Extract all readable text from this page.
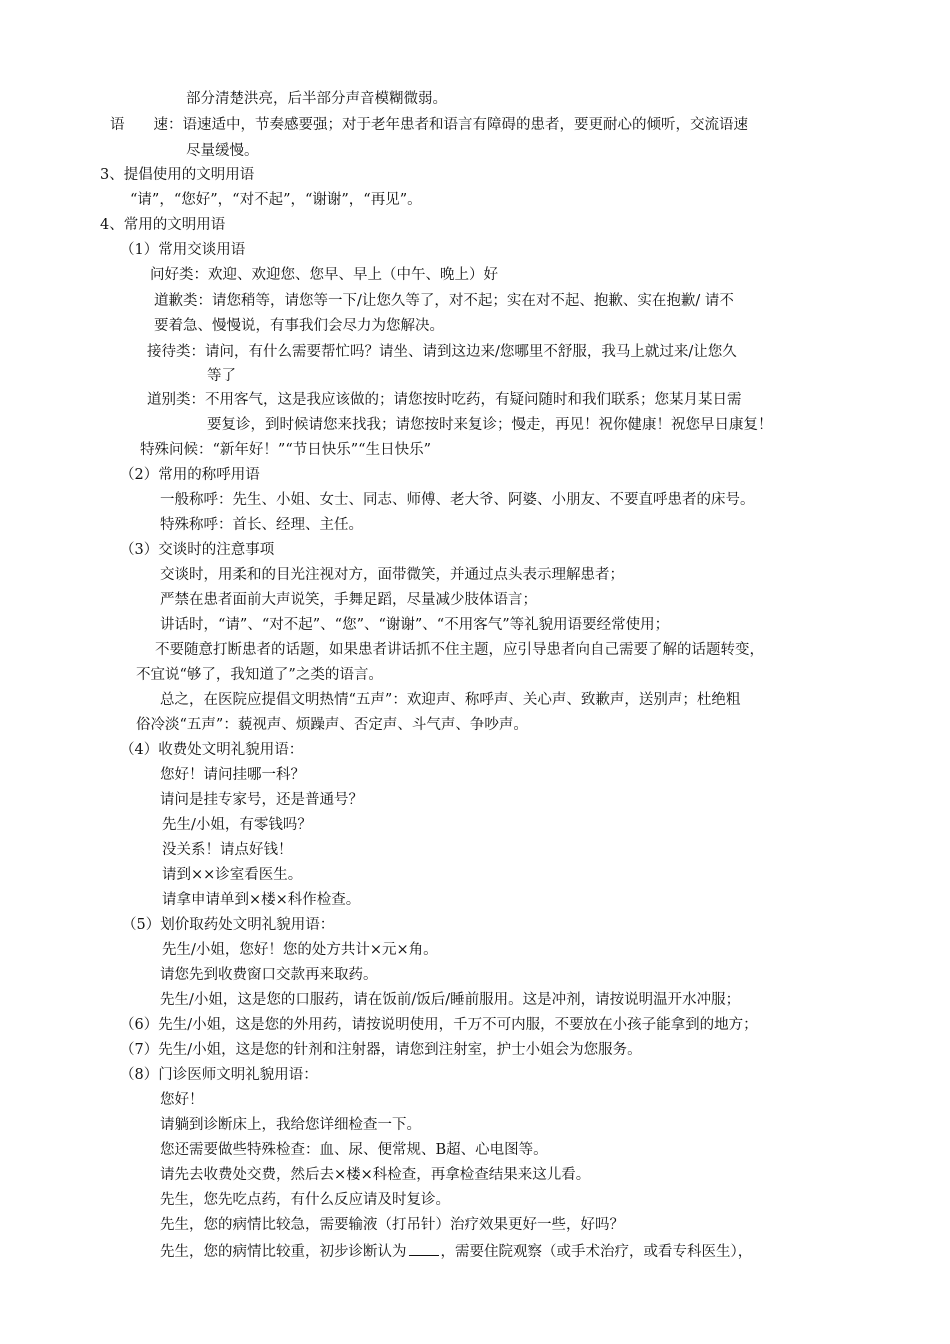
部分清楚洪亮，后半部分声音模糊微弱。
语　　速：语速适中，节奏感要强；对于老年患者和语言有障碍的患者，要更耐心的倾听，交流语速
尽量缓慢。
3、提倡使用的文明用语
“请”，“您好”，“对不起”，“谢谢”，“再见”。
4、常用的文明用语
（1）常用交谈用语
问好类：欢迎、欢迎您、您早、早上（中午、晚上）好
道歉类：请您稍等，请您等一下/让您久等了，对不起；实在对不起、抱歉、实在抱歉/ 请不
要着急、慢慢说，有事我们会尽力为您解决。
接待类：请问，有什么需要帮忙吗？请坐、请到这边来/您哪里不舒服，我马上就过来/让您久
等了
道别类：不用客气，这是我应该做的；请您按时吃药，有疑问随时和我们联系；您某月某日需
要复诊，到时候请您来找我；请您按时来复诊；慢走，再见！祝你健康！祝您早日康复！
特殊问候：“新年好！”“节日快乐”“生日快乐”
（2）常用的称呼用语
一般称呼：先生、小姐、女士、同志、师傅、老大爷、阿婆、小朋友、不要直呼患者的床号。
特殊称呼：首长、经理、主任。
（3）交谈时的注意事项
交谈时，用柔和的目光注视对方，面带微笑，并通过点头表示理解患者；
严禁在患者面前大声说笑，手舞足蹈，尽量减少肢体语言；
讲话时，“请”、“对不起”、“您”、“谢谢”、“不用客气”等礼貌用语要经常使用；
不要随意打断患者的话题，如果患者讲话抓不住主题，应引导患者向自己需要了解的话题转变，
不宜说“够了，我知道了”之类的语言。
总之，在医院应提倡文明热情“五声”：欢迎声、称呼声、关心声、致歉声，送别声；杜绝粗
俗冷淡“五声”：藐视声、烦躁声、否定声、斗气声、争吵声。
（4）收费处文明礼貌用语：
您好！请问挂哪一科？
请问是挂专家号，还是普通号？
先生/小姐，有零钱吗？
没关系！请点好钱！
请到××诊室看医生。
请拿申请单到×楼×科作检查。
（5）划价取药处文明礼貌用语：
先生/小姐，您好！您的处方共计×元×角。
请您先到收费窗口交款再来取药。
先生/小姐，这是您的口服药，请在饭前/饭后/睡前服用。这是冲剂，请按说明温开水冲服；
（6）先生/小姐，这是您的外用药，请按说明使用，千万不可内服，不要放在小孩子能拿到的地方；
（7）先生/小姐，这是您的针剂和注射器，请您到注射室，护士小姐会为您服务。
（8）门诊医师文明礼貌用语：
您好！
请躺到诊断床上，我给您详细检查一下。
您还需要做些特殊检查：血、尿、便常规、B超、心电图等。
请先去收费处交费，然后去×楼×科检查，再拿检查结果来这儿看。
先生，您先吃点药，有什么反应请及时复诊。
先生，您的病情比较急，需要输液（打吊针）治疗效果更好一些，好吗？
先生，您的病情比较重，初步诊断认为 ，需要住院观察（或手术治疗，或看专科医生），
